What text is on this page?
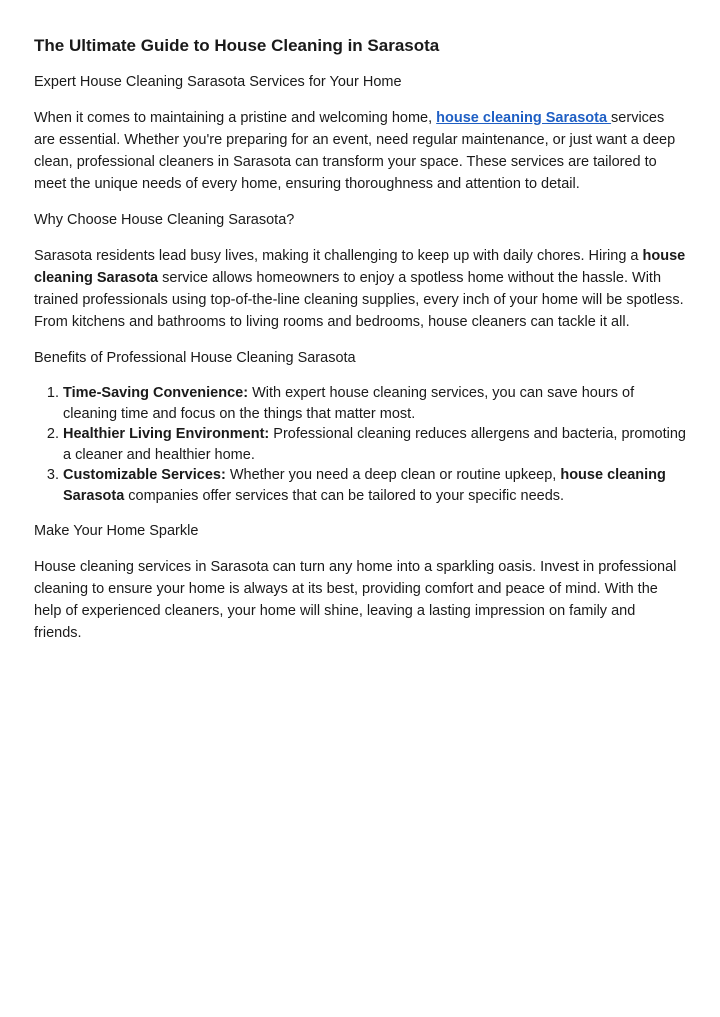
The Ultimate Guide to House Cleaning in Sarasota

Expert House Cleaning Sarasota Services for Your Home

When it comes to maintaining a pristine and welcoming home, house cleaning Sarasota services are essential. Whether you're preparing for an event, need regular maintenance, or just want a deep clean, professional cleaners in Sarasota can transform your space. These services are tailored to meet the unique needs of every home, ensuring thoroughness and attention to detail.

Why Choose House Cleaning Sarasota?

Sarasota residents lead busy lives, making it challenging to keep up with daily chores. Hiring a house cleaning Sarasota service allows homeowners to enjoy a spotless home without the hassle. With trained professionals using top-of-the-line cleaning supplies, every inch of your home will be spotless. From kitchens and bathrooms to living rooms and bedrooms, house cleaners can tackle it all.

Benefits of Professional House Cleaning Sarasota

1. Time-Saving Convenience: With expert house cleaning services, you can save hours of cleaning time and focus on the things that matter most.
2. Healthier Living Environment: Professional cleaning reduces allergens and bacteria, promoting a cleaner and healthier home.
3. Customizable Services: Whether you need a deep clean or routine upkeep, house cleaning Sarasota companies offer services that can be tailored to your specific needs.

Make Your Home Sparkle

House cleaning services in Sarasota can turn any home into a sparkling oasis. Invest in professional cleaning to ensure your home is always at its best, providing comfort and peace of mind. With the help of experienced cleaners, your home will shine, leaving a lasting impression on family and friends.
